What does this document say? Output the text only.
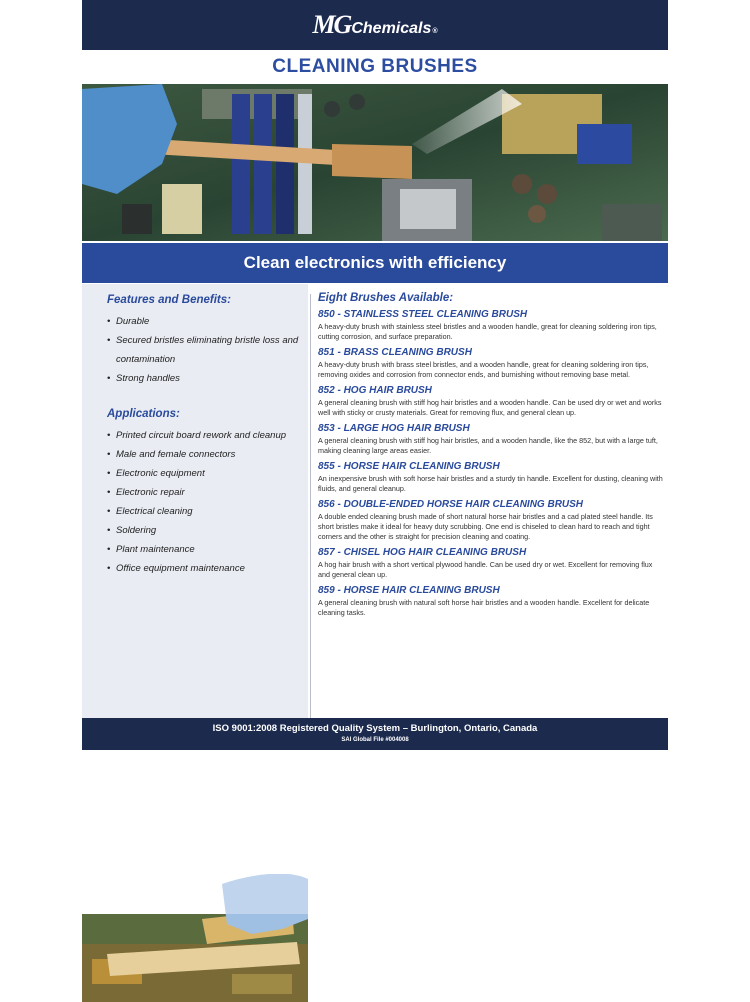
MG Chemicals ®
CLEANING BRUSHES
Clean electronics with efficiency
Features and Benefits:
• Durable
• Secured bristles eliminating bristle loss and contamination
• Strong handles
Applications:
• Printed circuit board rework and cleanup
• Male and female connectors
• Electronic equipment
• Electronic repair
• Electrical cleaning
• Soldering
• Plant maintenance
• Office equipment maintenance
Eight Brushes Available:
850 - STAINLESS STEEL CLEANING BRUSH
A heavy-duty brush with stainless steel bristles and a wooden handle, great for cleaning soldering iron tips, cutting corrosion, and surface preparation.
851 - BRASS CLEANING BRUSH
A heavy-duty brush with brass steel bristles, and a wooden handle, great for cleaning soldering iron tips, removing oxides and corrosion from connector ends, and burnishing without removing base metal.
852 - HOG HAIR BRUSH
A general cleaning brush with stiff hog hair bristles and a wooden handle. Can be used dry or wet and works well with sticky or crusty materials. Great for removing flux, and general clean up.
853 - LARGE HOG HAIR BRUSH
A general cleaning brush with stiff hog hair bristles, and a wooden handle, like the 852, but with a large tuft, making cleaning large areas easier.
855 - HORSE HAIR CLEANING BRUSH
An inexpensive brush with soft horse hair bristles and a sturdy tin handle. Excellent for dusting, cleaning with fluids, and general cleanup.
856 - DOUBLE-ENDED HORSE HAIR CLEANING BRUSH
A double ended cleaning brush made of short natural horse hair bristles and a cad plated steel handle. Its short bristles make it ideal for heavy duty scrubbing. One end is chiseled to clean hard to reach and tight corners and the other is straight for precision cleaning and coating.
857 - CHISEL HOG HAIR CLEANING BRUSH
A hog hair brush with a short vertical plywood handle. Can be used dry or wet. Excellent for removing flux and general clean up.
859 - HORSE HAIR CLEANING BRUSH
A general cleaning brush with natural soft horse hair bristles and a wooden handle. Excellent for delicate cleaning tasks.
ISO 9001:2008 Registered Quality System – Burlington, Ontario, Canada
SAI Global File #004008
